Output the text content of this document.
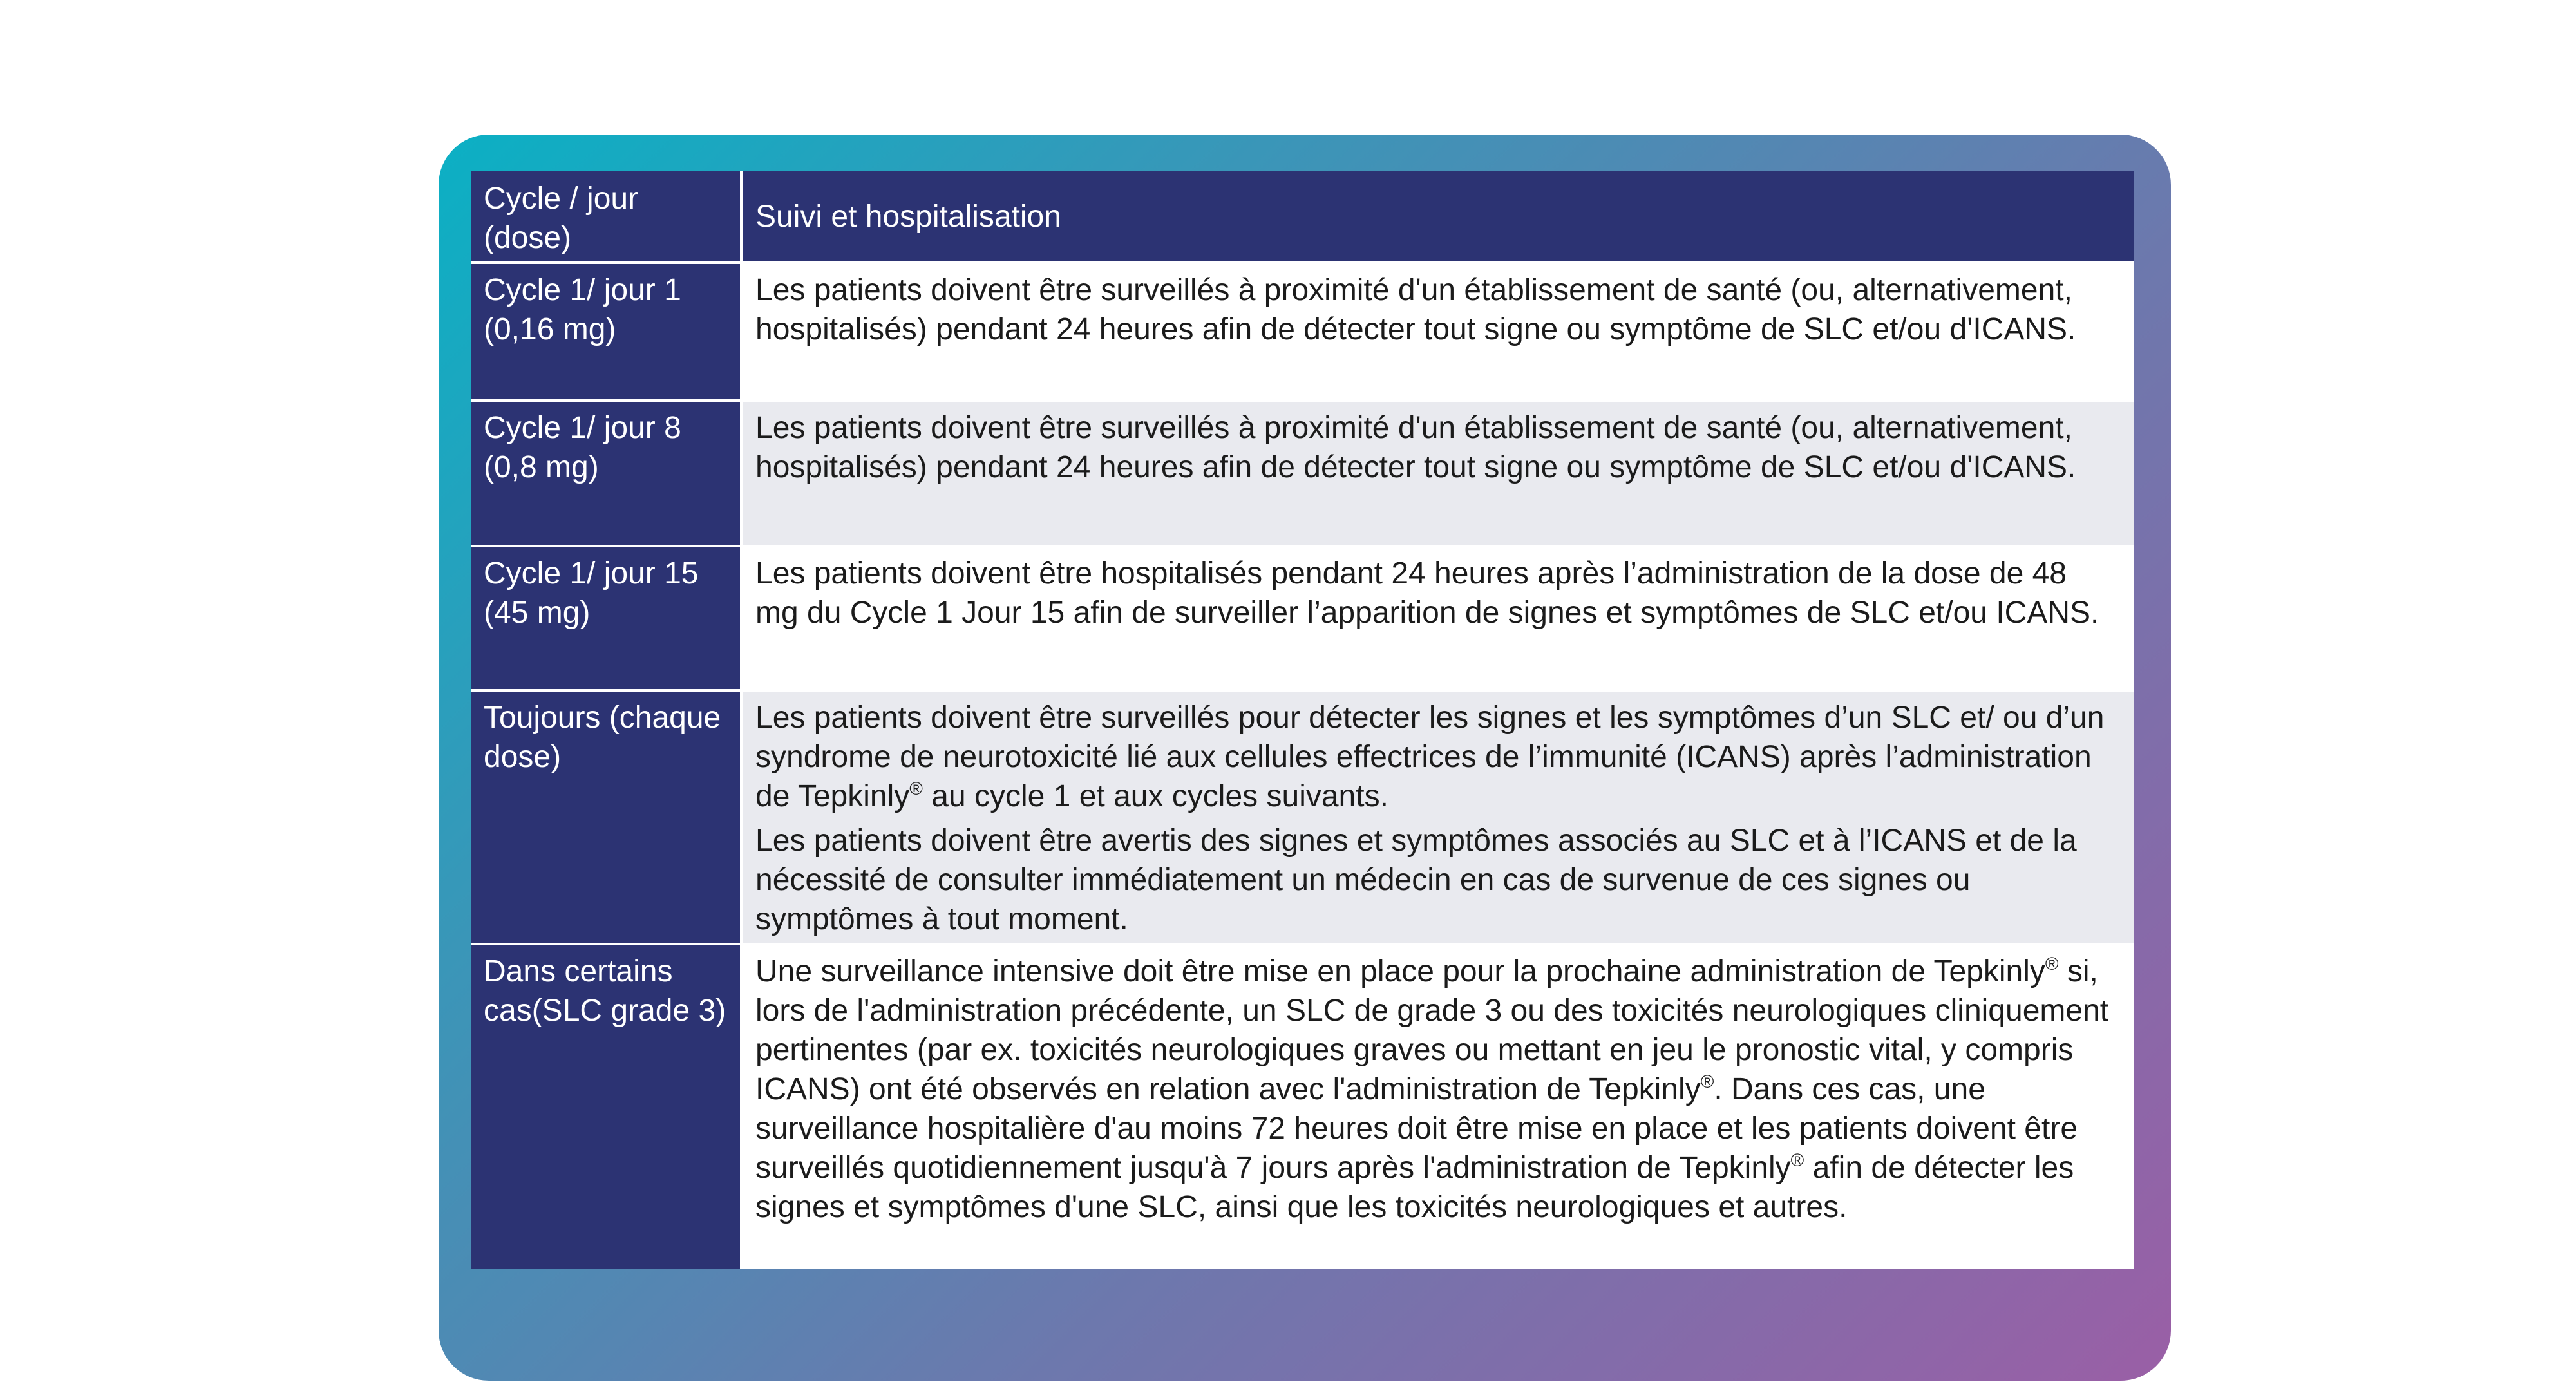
Cycle / jour (dose)
Suivi et hospitalisation
Cycle 1/ jour 1 (0,16 mg)
Les patients doivent être surveillés à proximité d'un établissement de santé (ou, alternativement, hospitalisés) pendant 24 heures afin de détecter tout signe ou symptôme de SLC et/ou d'ICANS.
Cycle 1/ jour 8 (0,8 mg)
Les patients doivent être surveillés à proximité d'un établissement de santé (ou, alternativement, hospitalisés) pendant 24 heures afin de détecter tout signe ou symptôme de SLC et/ou d'ICANS.
Cycle 1/ jour 15 (45 mg)
Les patients doivent être hospitalisés pendant 24 heures après l’administration de la dose de 48 mg du Cycle 1 Jour 15 afin de surveiller l’apparition de signes et symptômes de SLC et/ou ICANS.
Toujours (chaque dose)

Les patients doivent être surveillés pour détecter les signes et les symptômes d’un SLC et/ ou d’un syndrome de neurotoxicité lié aux cellules effectrices de l’immunité (ICANS) après l’administration de Tepkinly® au cycle 1 et aux cycles suivants.

Les patients doivent être avertis des signes et symptômes associés au SLC et à l’ICANS et de la nécessité de consulter immédiatement un médecin en cas de survenue de ces signes ou symptômes à tout moment.

Dans certains cas(SLC grade 3)
Une surveillance intensive doit être mise en place pour la prochaine administration de Tepkinly® si, lors de l'administration précédente, un SLC de grade 3 ou des toxicités neurologiques cliniquement pertinentes (par ex. toxicités neurologiques graves ou mettant en jeu le pronostic vital, y compris ICANS) ont été observés en relation avec l'administration de Tepkinly®. Dans ces cas, une surveillance hospitalière d'au moins 72 heures doit être mise en place et les patients doivent être surveillés quotidiennement jusqu'à 7 jours après l'administration de Tepkinly® afin de détecter les signes et symptômes d'une SLC, ainsi que les toxicités neurologiques et autres.
